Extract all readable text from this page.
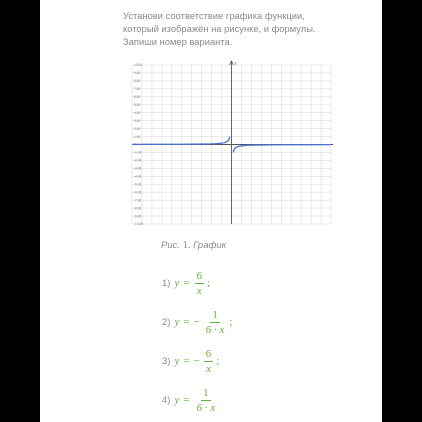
Установи соответствие графика функции,
который изображён на рисунке, и формулы.
Запиши номер варианта.

y
10.00
9.00
8.00
7.00
6.00
5.00
4.00
3.00
2.00
1.00
0
-1.00
-2.00
-3.00
-4.00
-5.00
-6.00
-7.00
-8.00
-9.00
-10.00
Рис. 1. График
1) $y = \frac{6}{x}$ ;
2) y = − $\frac{1}{6 \cdot x}$ ;
3) y = − $\frac{6}{x}$ ;
4) $y = \frac{1}{6 \cdot x}$
